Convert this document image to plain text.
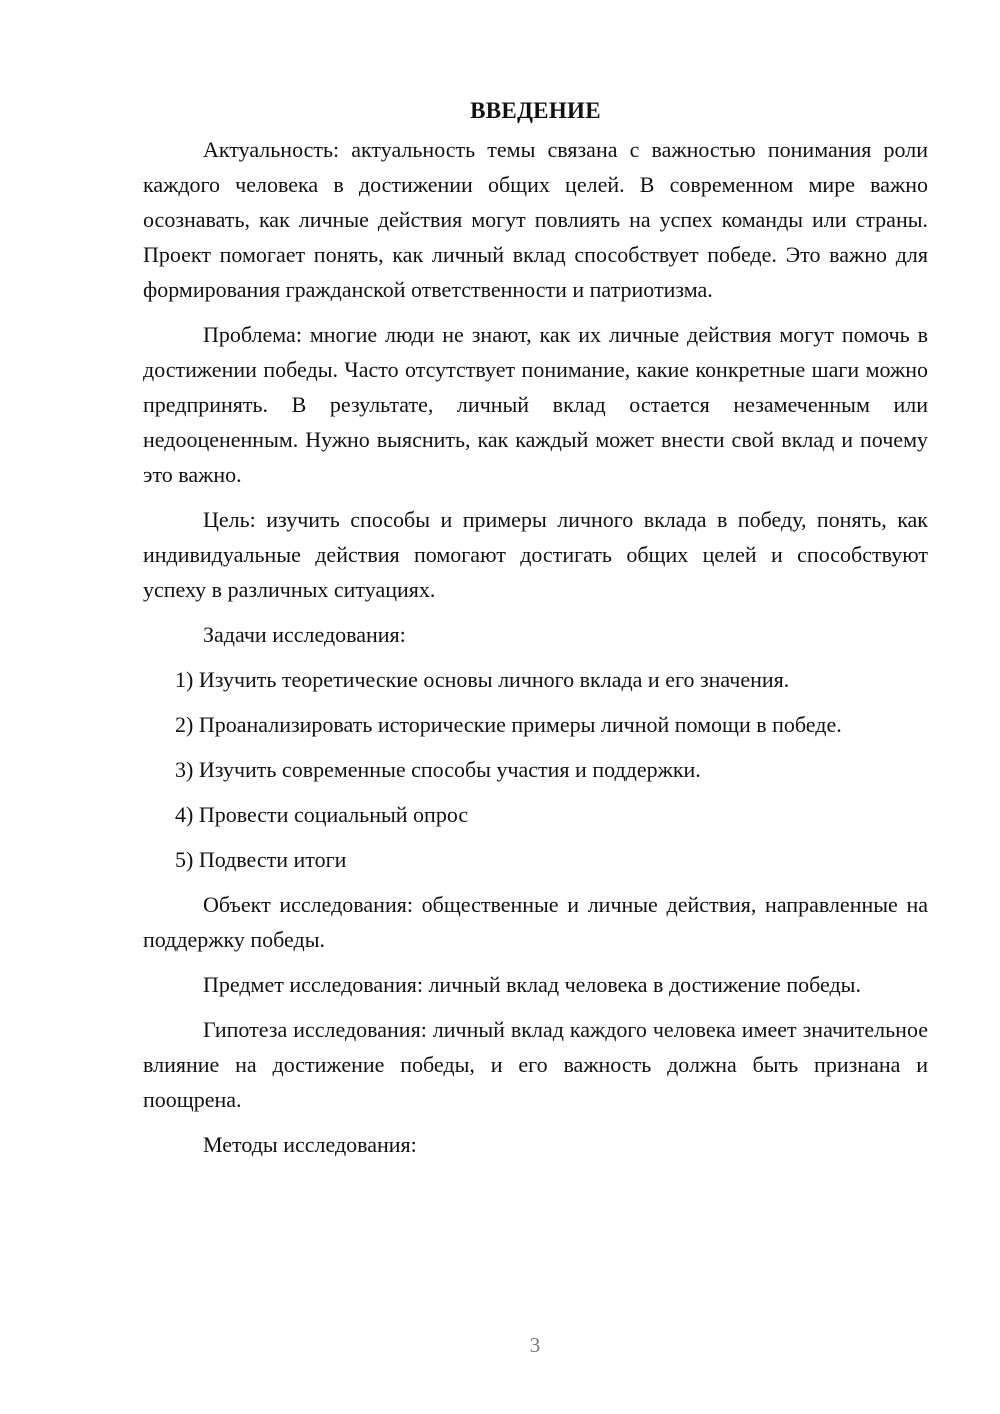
ВВЕДЕНИЕ

Актуальность: актуальность темы связана с важностью понимания роли каждого человека в достижении общих целей. В современном мире важно осознавать, как личные действия могут повлиять на успех команды или страны. Проект помогает понять, как личный вклад способствует победе. Это важно для формирования гражданской ответственности и патриотизма.

Проблема: многие люди не знают, как их личные действия могут помочь в достижении победы. Часто отсутствует понимание, какие конкретные шаги можно предпринять. В результате, личный вклад остается незамеченным или недооцененным. Нужно выяснить, как каждый может внести свой вклад и почему это важно.

Цель: изучить способы и примеры личного вклада в победу, понять, как индивидуальные действия помогают достигать общих целей и способствуют успеху в различных ситуациях.

Задачи исследования:

1) Изучить теоретические основы личного вклада и его значения.

2) Проанализировать исторические примеры личной помощи в победе.

3) Изучить современные способы участия и поддержки.

4) Провести социальный опрос

5) Подвести итоги

Объект исследования: общественные и личные действия, направленные на поддержку победы.

Предмет исследования: личный вклад человека в достижение победы.

Гипотеза исследования: личный вклад каждого человека имеет значительное влияние на достижение победы, и его важность должна быть признана и поощрена.

Методы исследования:

3
